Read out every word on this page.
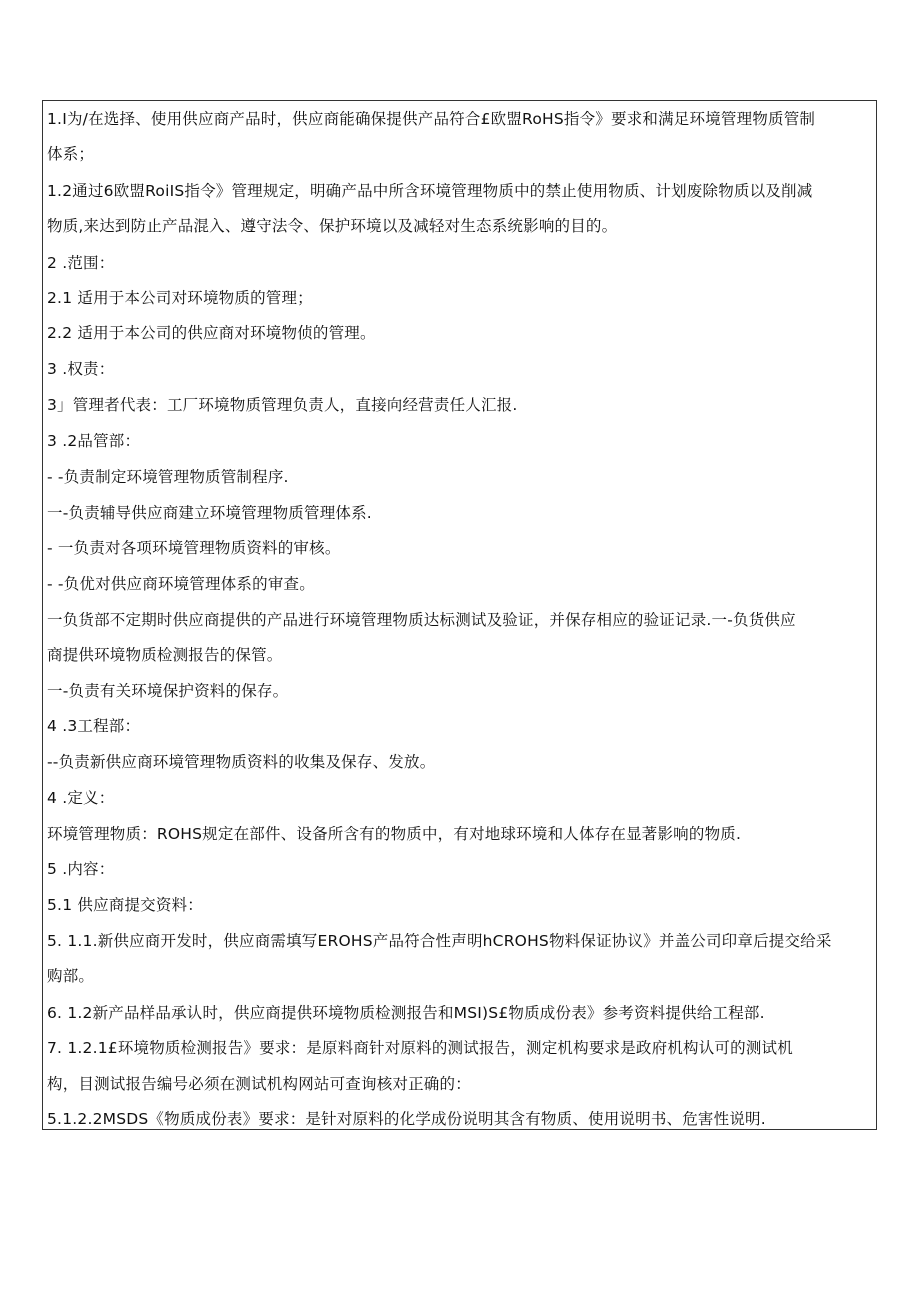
1.I为/在选择、使用供应商产品时，供应商能确保提供产品符合£欧盟RoHS指令》要求和满足环境管理物质管制
体系；
1.2通过6欧盟RoiIS指令》管理规定，明确产品中所含环境管理物质中的禁止使用物质、计划废除物质以及削减
物质,来达到防止产品混入、遵守法令、保护环境以及减轻对生态系统影响的目的。
2 .范围：
2.1 适用于本公司对环境物质的管理；
2.2 适用于本公司的供应商对环境物侦的管理。
3 .权责：
3」管理者代表：工厂环境物质管理负责人，直接向经营责任人汇报.
3 .2品管部：
- -负责制定环境管理物质管制程序.
一-负责辅导供应商建立环境管理物质管理体系.
- 一负责对各项环境管理物质资料的审核。
- -负优对供应商环境管理体系的审查。
一负货部不定期时供应商提供的产品进行环境管理物质达标测试及验证，并保存相应的验证记录.一-负货供应
商提供环境物质检测报告的保管。
一-负责有关环境保护资料的保存。
4 .3工程部：
--负责新供应商环境管理物质资料的收集及保存、发放。
4 .定义：
环境管理物质：ROHS规定在部件、设备所含有的物质中，有对地球环境和人体存在显著影响的物质.
5 .内容：
5.1 供应商提交资料：
5. 1.1.新供应商开发时，供应商需填写EROHS产品符合性声明hCROHS物料保证协议》并盖公司印章后提交给采
购部。
6. 1.2新产品样品承认时，供应商提供环境物质检测报告和MSI)S£物质成份表》参考资料提供给工程部.
7. 1.2.1£环境物质检测报告》要求：是原料商针对原料的测试报告，测定机构要求是政府机构认可的测试机
构，目测试报告编号必须在测试机构网站可查询核对正确的：
5.1.2.2MSDS《物质成份表》要求：是针对原料的化学成份说明其含有物质、使用说明书、危害性说明.
